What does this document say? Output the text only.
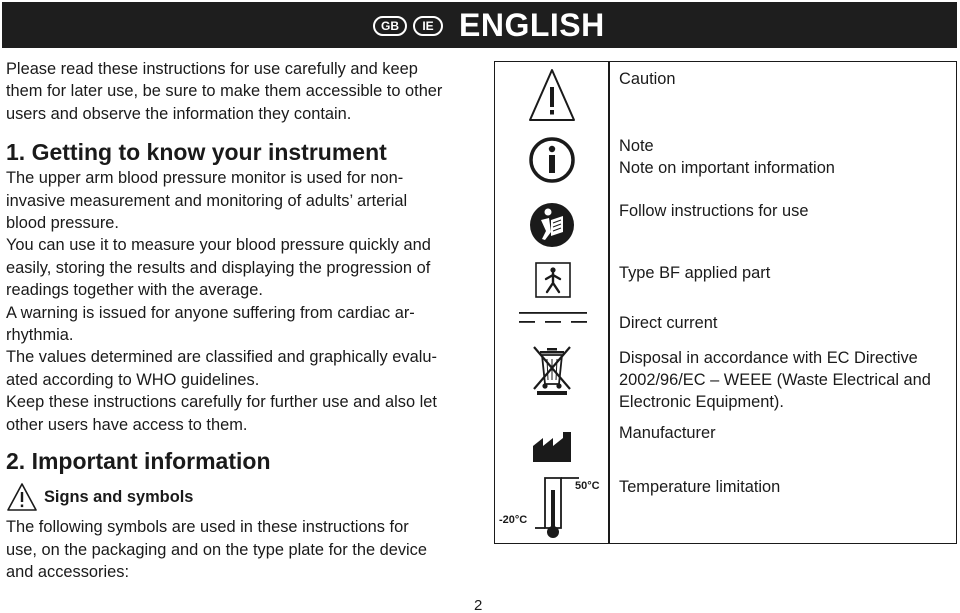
GB	IE ENGLISH
Please read these instructions for use carefully and keep
them for later use, be sure to make them accessible to other
users and observe the information they contain.
1. Getting to know your instrument
The upper arm blood pressure monitor is used for non-
invasive measurement and monitoring of adults’ arterial
blood pressure.
You can use it to measure your blood pressure quickly and
easily, storing the results and displaying the progression of
readings together with the average.
A warning is issued for anyone suffering from cardiac ar-
rhythmia.
The values determined are classified and graphically evalu-
ated according to WHO guidelines.
Keep these instructions carefully for further use and also let
other users have access to them.
2. Important information
Signs and symbols
The following symbols are used in these instructions for
use, on the packaging and on the type plate for the device
and accessories:
Caution
Note
Note on important information
Follow instructions for use
Type BF applied part
Direct current
Disposal in accordance with EC Directive
2002/96/EC – WEEE (Waste Electrical and
Electronic Equipment).
Manufacturer
50°C
-20°C
Temperature limitation
2
